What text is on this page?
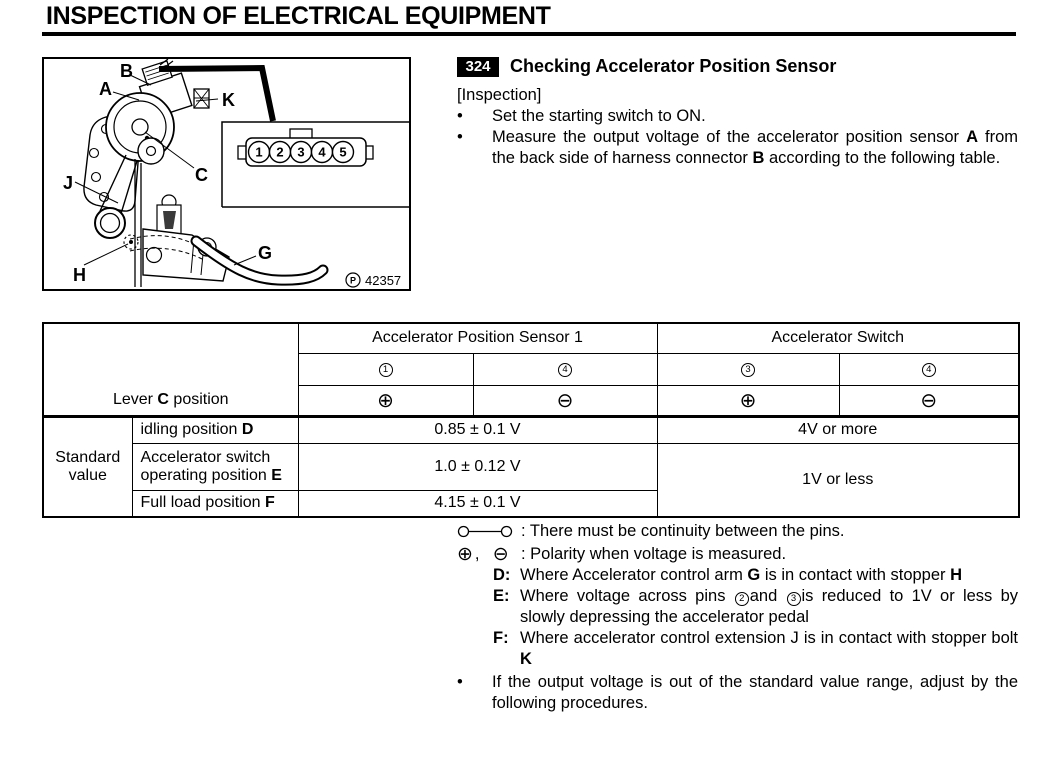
INSPECTION OF ELECTRICAL EQUIPMENT
1 2 3 4 5
B
A
K
C
J
H
G
P 42357
324	Checking Accelerator Position Sensor

[Inspection]

•	Set the starting switch to ON.
•	Measure the output voltage of the accelerator position sensor A from the back side of harness connector B according to the following table.
Lever C position		Accelerator Position Sensor 1		Accelerator Switch	
		1	4	3	4
		⊕	⊖	⊕	⊖
Standard value	idling position D	0.85 ± 0.1 V		4V or more	
	Accelerator switch operating position E	1.0 ± 0.12 V		1V or less	
	Full load position F	4.15 ± 0.1 V			
: There must be continuity between the pins.
⊕ ,
⊖ : Polarity when voltage is measured.
D: Where Accelerator control arm G is in contact with stopper H
E: Where voltage across pins 2 and 3 is reduced to 1V or less by slowly depressing the accelerator pedal
F: Where accelerator control extension J is in contact with stopper bolt K
•	If the output voltage is out of the standard value range, adjust by the following procedures.
